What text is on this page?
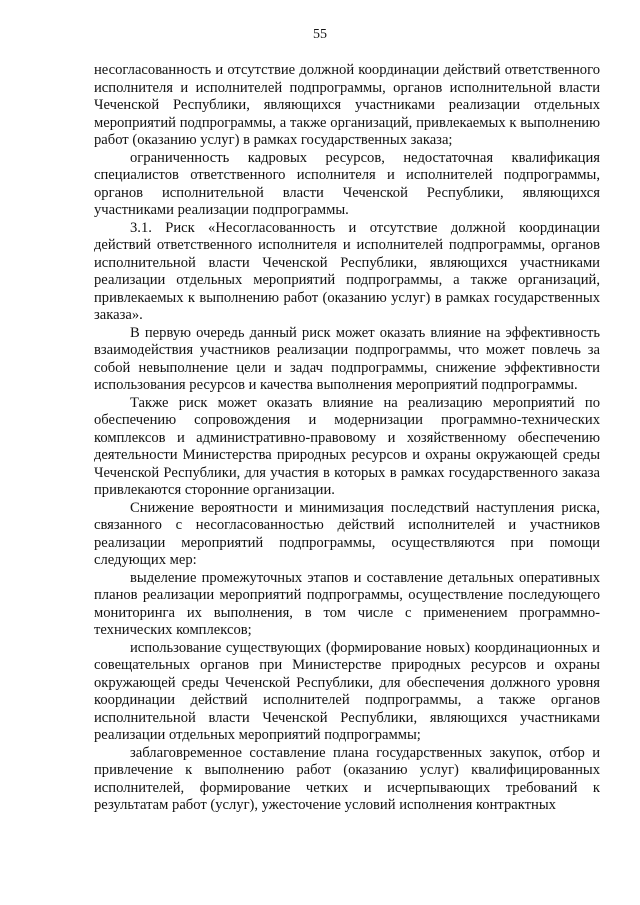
55

несогласованность и отсутствие должной координации действий ответственного исполнителя и исполнителей подпрограммы, органов исполнительной власти Чеченской Республики, являющихся участниками реализации отдельных мероприятий подпрограммы, а также организаций, привлекаемых к выполнению работ (оказанию услуг) в рамках государственных заказа;

ограниченность кадровых ресурсов, недостаточная квалификация специалистов ответственного исполнителя и исполнителей подпрограммы, органов исполнительной власти Чеченской Республики, являющихся участниками реализации подпрограммы.

3.1. Риск «Несогласованность и отсутствие должной координации действий ответственного исполнителя и исполнителей подпрограммы, органов исполнительной власти Чеченской Республики, являющихся участниками реализации отдельных мероприятий подпрограммы, а также организаций, привлекаемых к выполнению работ (оказанию услуг) в рамках государственных заказа».

В первую очередь данный риск может оказать влияние на эффективность взаимодействия участников реализации подпрограммы, что может повлечь за собой невыполнение цели и задач подпрограммы, снижение эффективности использования ресурсов и качества выполнения мероприятий подпрограммы.

Также риск может оказать влияние на реализацию мероприятий по обеспечению сопровождения и модернизации программно-технических комплексов и административно-правовому и хозяйственному обеспечению деятельности Министерства природных ресурсов и охраны окружающей среды Чеченской Республики, для участия в которых в рамках государственного заказа привлекаются сторонние организации.

Снижение вероятности и минимизация последствий наступления риска, связанного с несогласованностью действий исполнителей и участников реализации мероприятий подпрограммы, осуществляются при помощи следующих мер:

выделение промежуточных этапов и составление детальных оперативных планов реализации мероприятий подпрограммы, осуществление последующего мониторинга их выполнения, в том числе с применением программно-технических комплексов;

использование существующих (формирование новых) координационных и совещательных органов при Министерстве природных ресурсов и охраны окружающей среды Чеченской Республики, для обеспечения должного уровня координации действий исполнителей подпрограммы, а также органов исполнительной власти Чеченской Республики, являющихся участниками реализации отдельных мероприятий подпрограммы;

заблаговременное составление плана государственных закупок, отбор и привлечение к выполнению работ (оказанию услуг) квалифицированных исполнителей, формирование четких и исчерпывающих требований к результатам работ (услуг), ужесточение условий исполнения контрактных
